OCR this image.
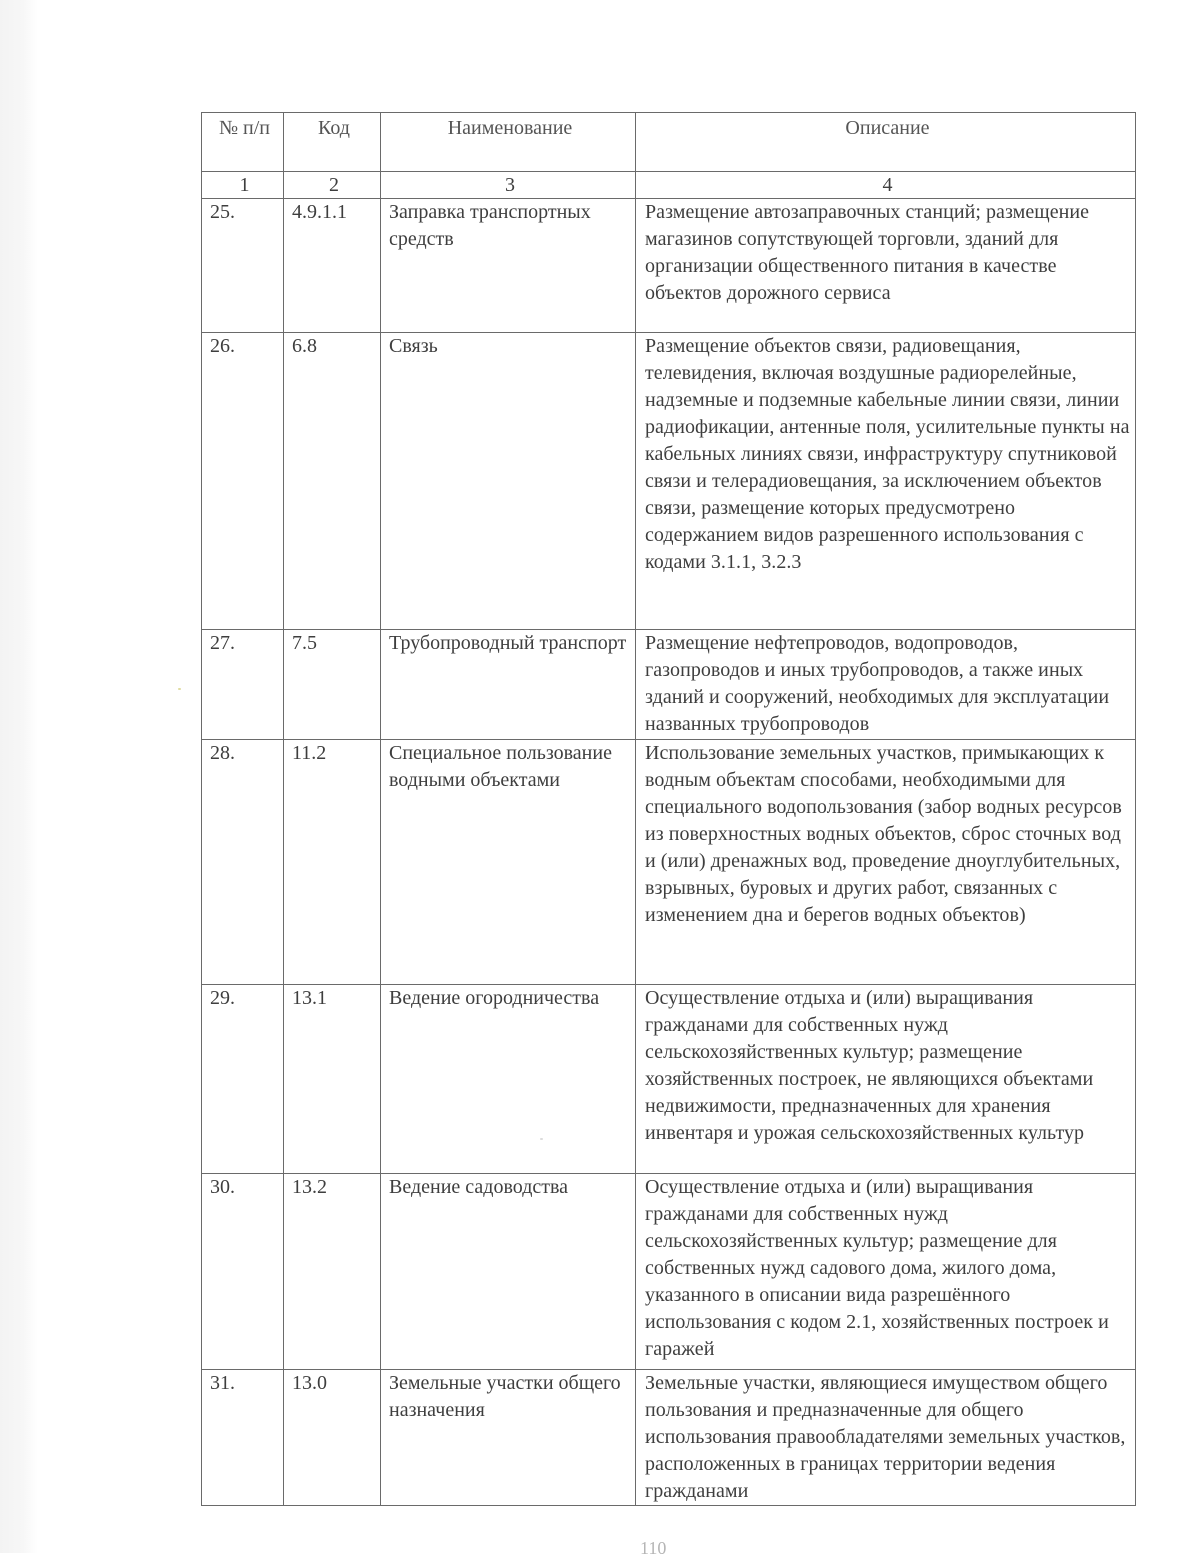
№ п/п	Код	Наименование	Описание
1	2	3	4
25.	4.9.1.1	Заправка транспортных средств	Размещение автозаправочных станций; размещение магазинов сопутствующей торговли, зданий для организации общественного питания в качестве объектов дорожного сервиса
26.	6.8	Связь	Размещение объектов связи, радиовещания, телевидения, включая воздушные радиорелейные, надземные и подземные кабельные линии связи, линии радиофикации, антенные поля, усилительные пункты на кабельных линиях связи, инфраструктуру спутниковой связи и телерадиовещания, за исключением объектов связи, размещение которых предусмотрено содержанием видов разрешенного использования с кодами 3.1.1, 3.2.3
27.	7.5	Трубопроводный транспорт	Размещение нефтепроводов, водопроводов, газопроводов и иных трубопроводов, а также иных зданий и сооружений, необходимых для эксплуатации названных трубопроводов
28.	11.2	Специальное пользование водными объектами	Использование земельных участков, примыкающих к водным объектам способами, необходимыми для специального водопользования (забор водных ресурсов из поверхностных водных объектов, сброс сточных вод и (или) дренажных вод, проведение дноуглубительных, взрывных, буровых и других работ, связанных с изменением дна и берегов водных объектов)
29.	13.1	Ведение огородничества	Осуществление отдыха и (или) выращивания гражданами для собственных нужд сельскохозяйственных культур; размещение хозяйственных построек, не являющихся объектами недвижимости, предназначенных для хранения инвентаря и урожая сельскохозяйственных культур
30.	13.2	Ведение садоводства	Осуществление отдыха и (или) выращивания гражданами для собственных нужд сельскохозяйственных культур; размещение для собственных нужд садового дома, жилого дома, указанного в описании вида разрешённого использования с кодом 2.1, хозяйственных построек и гаражей
31.	13.0	Земельные участки общего назначения	Земельные участки, являющиеся имуществом общего пользования и предназначенные для общего использования правообладателями земельных участков, расположенных в границах территории ведения гражданами
110
